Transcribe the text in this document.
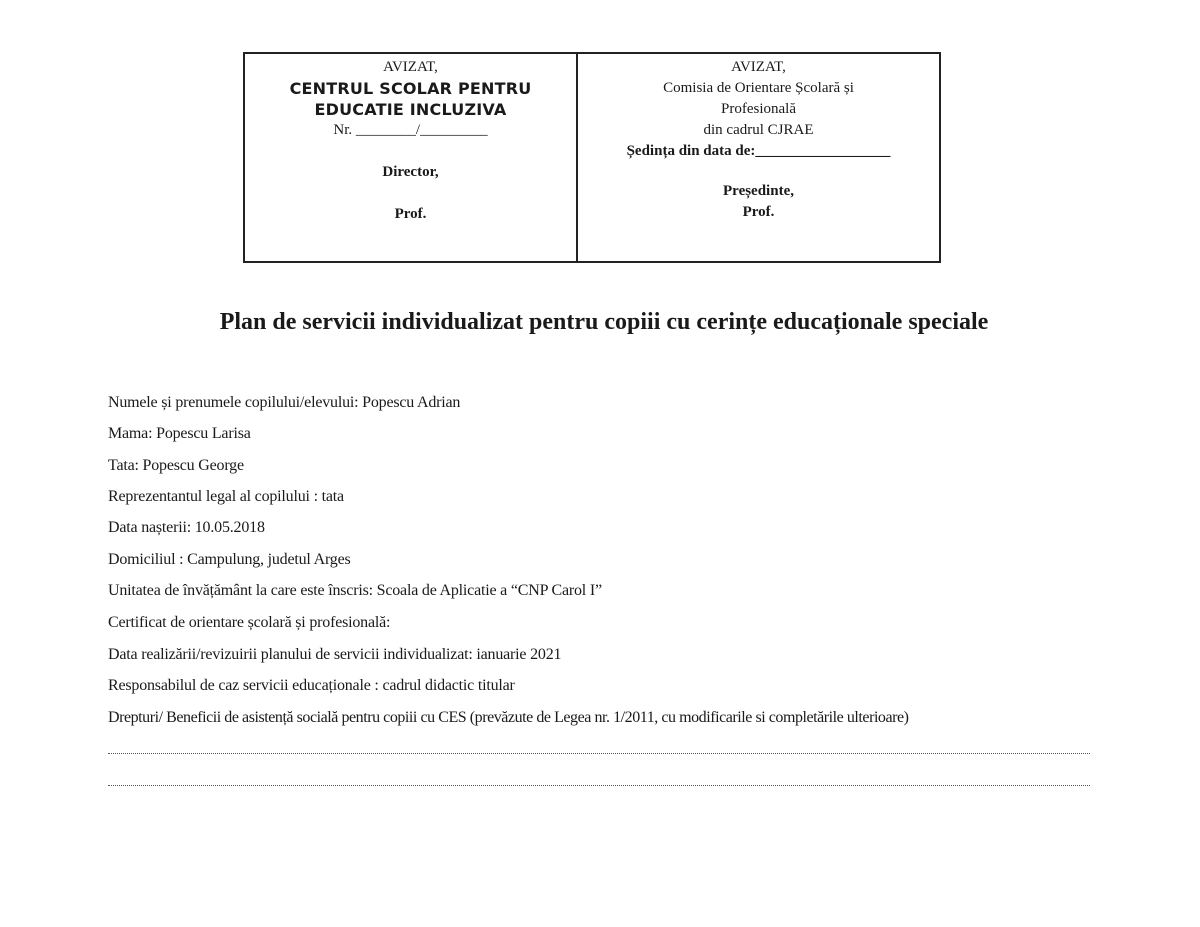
AVIZAT,
CENTRUL SCOLAR PENTRU
EDUCATIE INCLUZIVA
Nr. ________/_________
Director,
Prof.
AVIZAT,
Comisia de Orientare Școlară și
Profesională
din cadrul CJRAE
Ședința din data de:__________________
Președinte,
Prof.
Plan de servicii individualizat pentru copiii cu cerințe educaționale speciale
Numele și prenumele copilului/elevului: Popescu Adrian
Mama: Popescu Larisa
Tata: Popescu George
Reprezentantul legal al copilului : tata
Data nașterii: 10.05.2018
Domiciliul : Campulung, judetul Arges
Unitatea de învățământ la care este înscris: Scoala de Aplicatie a “CNP Carol I”
Certificat de orientare școlară și profesională:
Data realizării/revizuirii planului de servicii individualizat: ianuarie 2021
Responsabilul de caz servicii educaționale : cadrul didactic titular
Drepturi/ Beneficii de asistență socială pentru copiii cu CES (prevăzute de Legea nr. 1/2011, cu modificarile si completările ulterioare)
